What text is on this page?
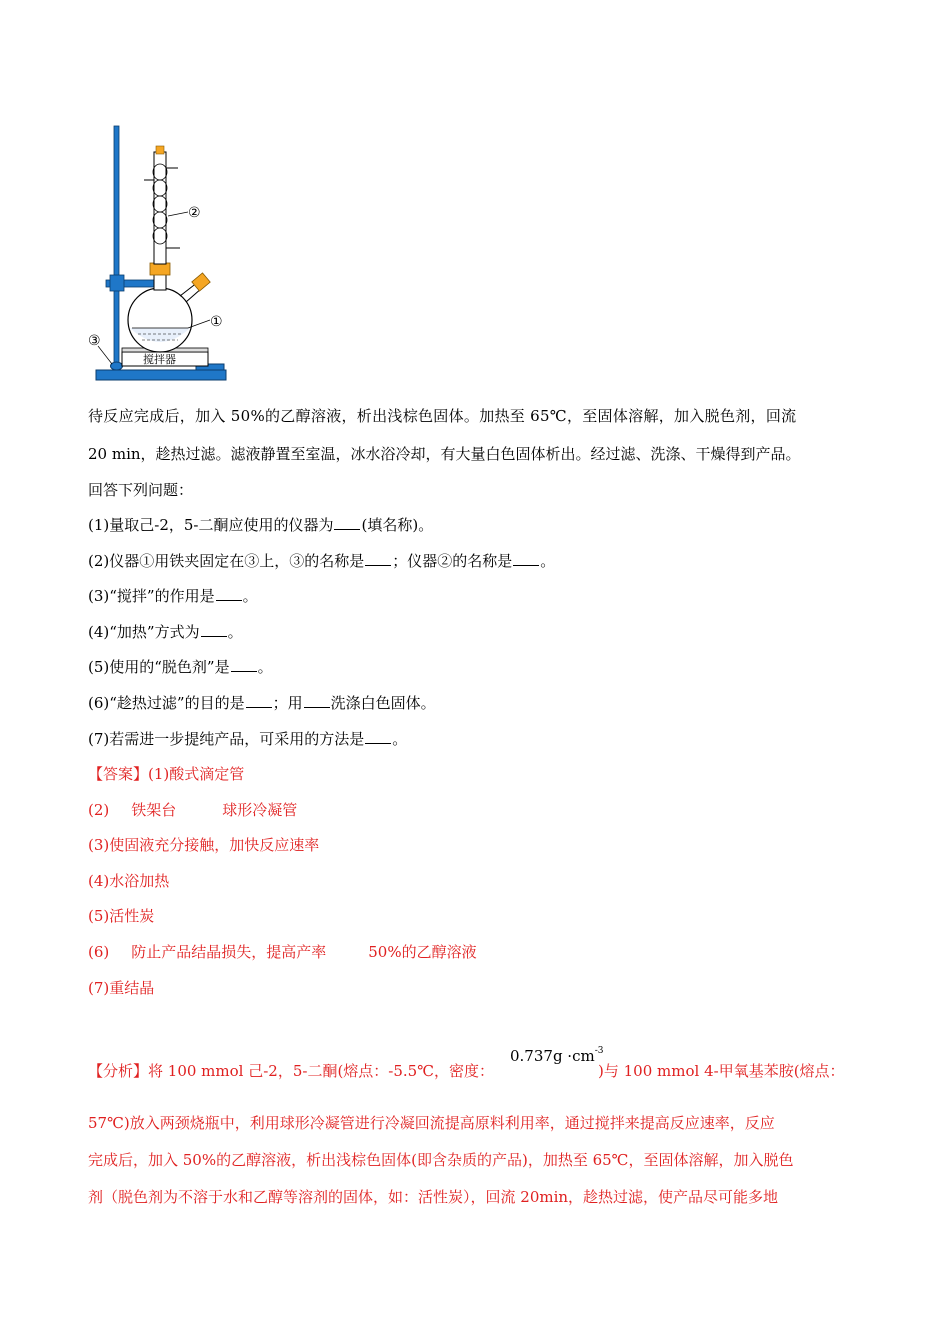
搅拌器
②
①
③
待反应完成后，加入 50%的乙醇溶液，析出浅棕色固体。加热至 65℃，至固体溶解，加入脱色剂，回流
20 min，趁热过滤。滤液静置至室温，冰水浴冷却，有大量白色固体析出。经过滤、洗涤、干燥得到产品。
回答下列问题：
(1)量取己-2，5-二酮应使用的仪器为 (填名称)。
(2)仪器①用铁夹固定在③上，③的名称是 ；仪器②的名称是 。
(3)“搅拌”的作用是 。
(4)“加热”方式为 。
(5)使用的“脱色剂”是 。
(6)“趁热过滤”的目的是 ；用 洗涤白色固体。
(7)若需进一步提纯产品，可采用的方法是 。
【答案】(1)酸式滴定管
(2) 铁架台	球形冷凝管
(3)使固液充分接触，加快反应速率
(4)水浴加热
(5)活性炭
(6) 防止产品结晶损失，提高产率	50%的乙醇溶液
(7)重结晶
$0.737g \cdot cm^{-3}$
【分析】将 100 mmol 己-2，5-二酮(熔点：-5.5℃，密度：	)与 100 mmol 4-甲氧基苯胺(熔点：
57℃)放入两颈烧瓶中，利用球形冷凝管进行冷凝回流提高原料利用率，通过搅拌来提高反应速率，反应
完成后，加入 50%的乙醇溶液，析出浅棕色固体(即含杂质的产品)，加热至 65℃，至固体溶解，加入脱色
剂（脱色剂为不溶于水和乙醇等溶剂的固体，如：活性炭），回流 20min，趁热过滤，使产品尽可能多地
